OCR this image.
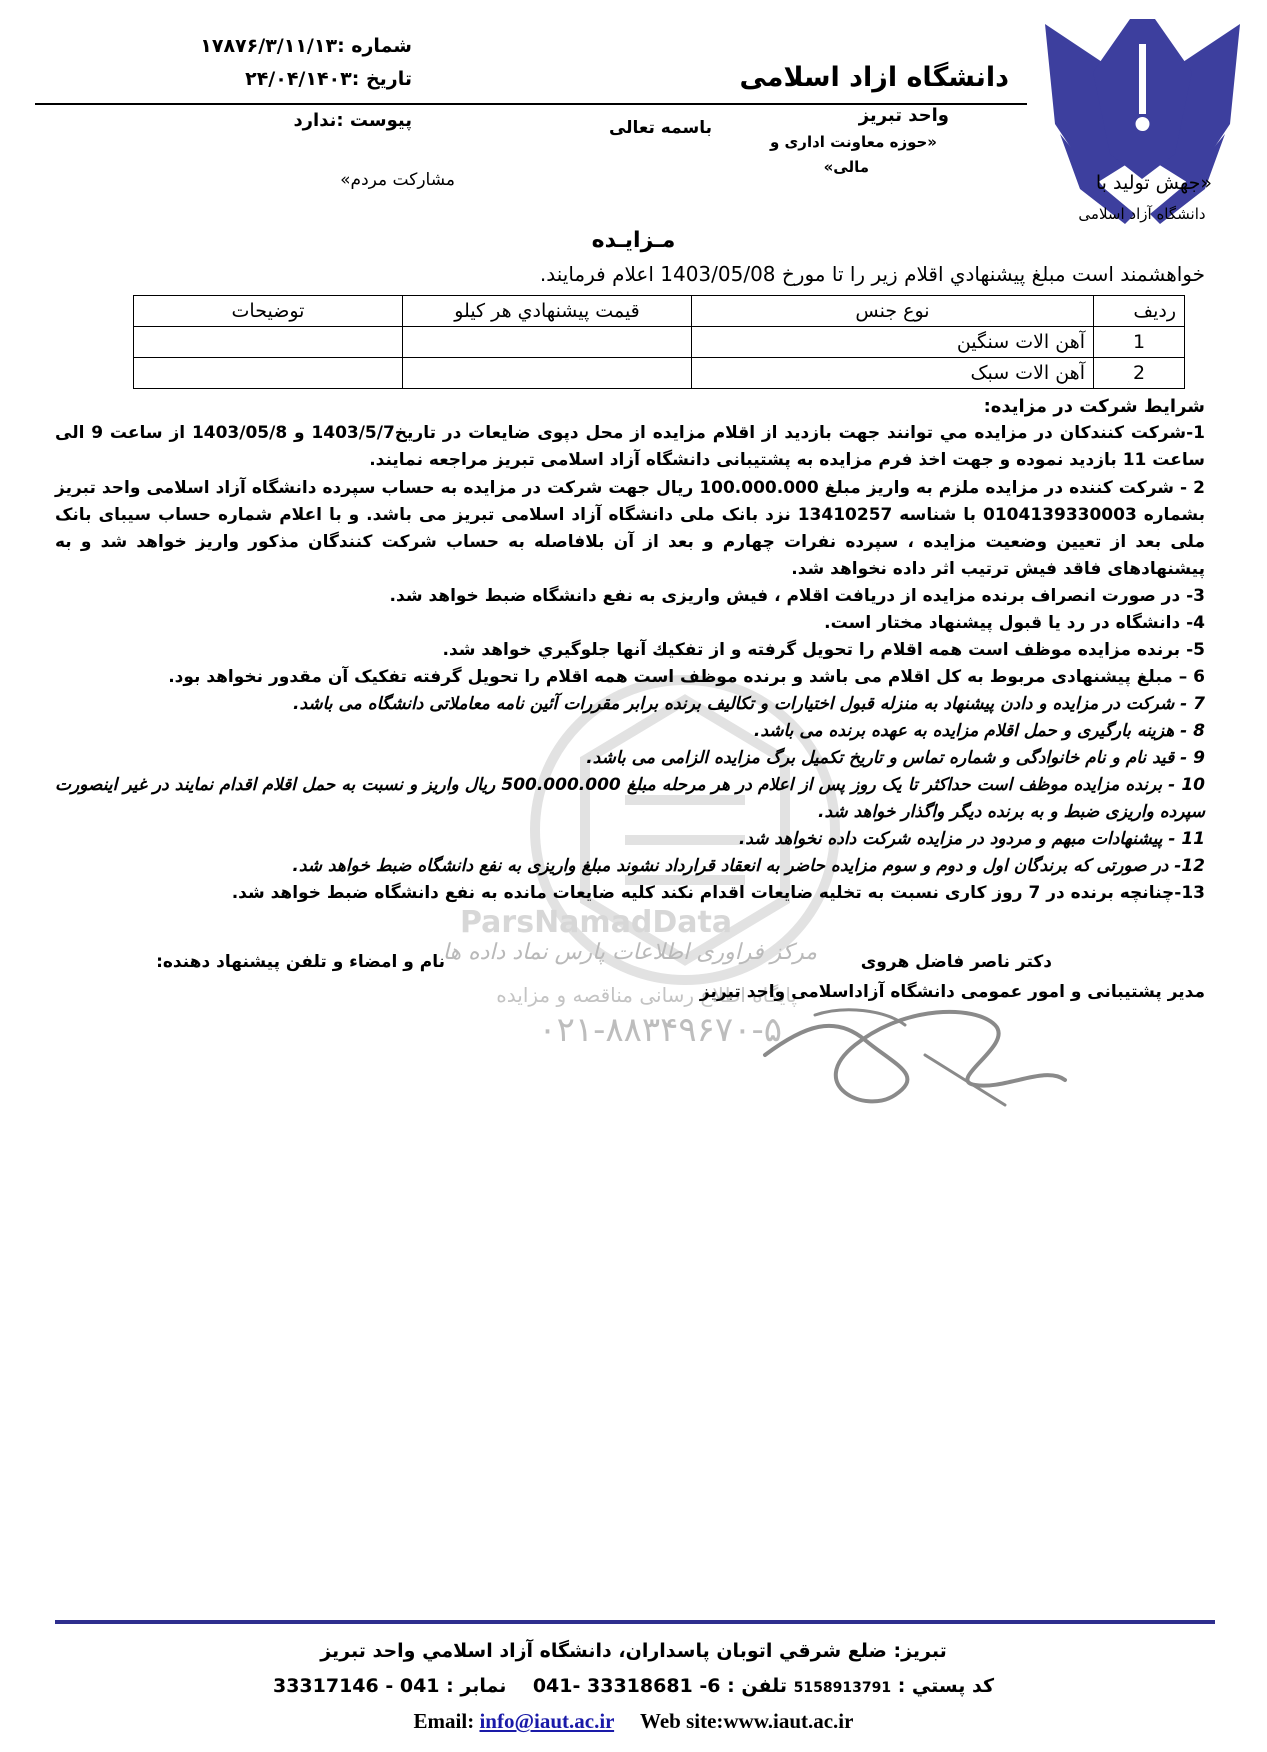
ParsNamadData
مرکز فراوری اطلاعات پارس نماد داده ها
پایگاه اطلاع رسانی مناقصه و مزایده
۰۲۱-۸۸۳۴۹۶۷۰-۵
دانشگاه آزاد اسلامی
دانشگاه ازاد اسلامی
واحد تبریز
«حوزه معاونت اداری و
مالی»
شماره :۱۷۸۷۶/۳/۱۱/۱۳
تاریخ :۲۴/۰۴/۱۴۰۳
پیوست :ندارد	باسمه تعالی
«جهش تولید با
مشارکت مردم»
مـزایـده
خواهشمند است مبلغ پيشنهادي اقلام زير را تا مورخ 1403/05/08 اعلام فرمايند.
رديف	نوع جنس	قيمت پيشنهادي هر كيلو	توضيحات
1	آهن الات سنگین		
2	آهن الات سبک		
شرایط شرکت در مزایده:
1-شرکت کنندکان در مزايده مي توانند جهت بازديد از اقلام مزايده از محل دپوی ضايعات در تاريخ1403/5/7 و 1403/05/8 از ساعت 9 الی ساعت 11 بازدید نموده و جهت اخذ فرم مزایده به پشتیبانی دانشگاه آزاد اسلامی تبریز مراجعه نمایند.
2 - شرکت کننده در مزایده ملزم به واریز مبلغ 100.000.000 ریال جهت شرکت در مزایده به حساب سپرده دانشگاه آزاد اسلامی واحد تبریز بشماره 0104139330003 با شناسه 13410257 نزد بانک ملی دانشگاه آزاد اسلامی تبریز می باشد. و با اعلام شماره حساب سیبای بانک ملی بعد از تعیین وضعیت مزایده ، سپرده نفرات چهارم و بعد از آن بلافاصله به حساب شرکت کنندگان مذکور واریز خواهد شد و به پیشنهادهای فاقد فیش ترتیب اثر داده نخواهد شد.
3- در صورت انصراف برنده مزايده از دريافت اقلام ، فيش واريزی به نفع دانشگاه ضبط خواهد شد.
4- دانشگاه در رد يا قبول پيشنهاد مختار است.
5- برنده مزايده موظف است همه اقلام را تحويل گرفته و از تفكيك آنها جلوگيري خواهد شد.
6 – مبلغ پیشنهادی مربوط به کل اقلام می باشد و برنده موظف است همه اقلام را تحویل گرفته تفکیک آن مقدور نخواهد بود.
7 - شرکت در مزایده و دادن پیشنهاد به منزله قبول اختیارات و تکالیف برنده برابر مقررات آئین نامه معاملاتی دانشگاه می باشد.
8 - هزینه بارگیری و حمل اقلام مزایده به عهده برنده می باشد.
9 - قید نام و نام خانوادگی و شماره تماس و تاریخ تکمیل برگ مزایده الزامی می باشد.
10 - برنده مزایده موظف است حداکثر تا یک روز پس از اعلام در هر مرحله مبلغ 500.000.000 ریال واریز و نسبت به حمل اقلام اقدام نمایند در غیر اینصورت سپرده واریزی ضبط و به برنده دیگر واگذار خواهد شد.
11 - پیشنهادات مبهم و مردود در مزایده شرکت داده نخواهد شد.
12- در صورتی که برندگان اول و دوم و سوم مزایده حاضر به انعقاد قرارداد نشوند مبلغ واریزی به نفع دانشگاه ضبط خواهد شد.
13-چنانچه برنده در 7 روز کاری نسبت به تخلیه ضایعات اقدام نکند کلیه ضایعات مانده به نفع دانشگاه ضبط خواهد شد.
دکتر ناصر فاضل هروی
مدیر پشتیبانی و امور عمومی دانشگاه آزاداسلامی واحد تبریز
نام و امضاء و تلفن پیشنهاد دهنده:
تبریز: ضلع شرقي اتوبان پاسداران، دانشگاه آزاد اسلامي واحد تبريز
كد پستي : 5158913791 تلفن : 6- 33318681 -041    نمابر : 041 - 33317146
Email: info@iaut.ac.ir Web site:www.iaut.ac.ir
